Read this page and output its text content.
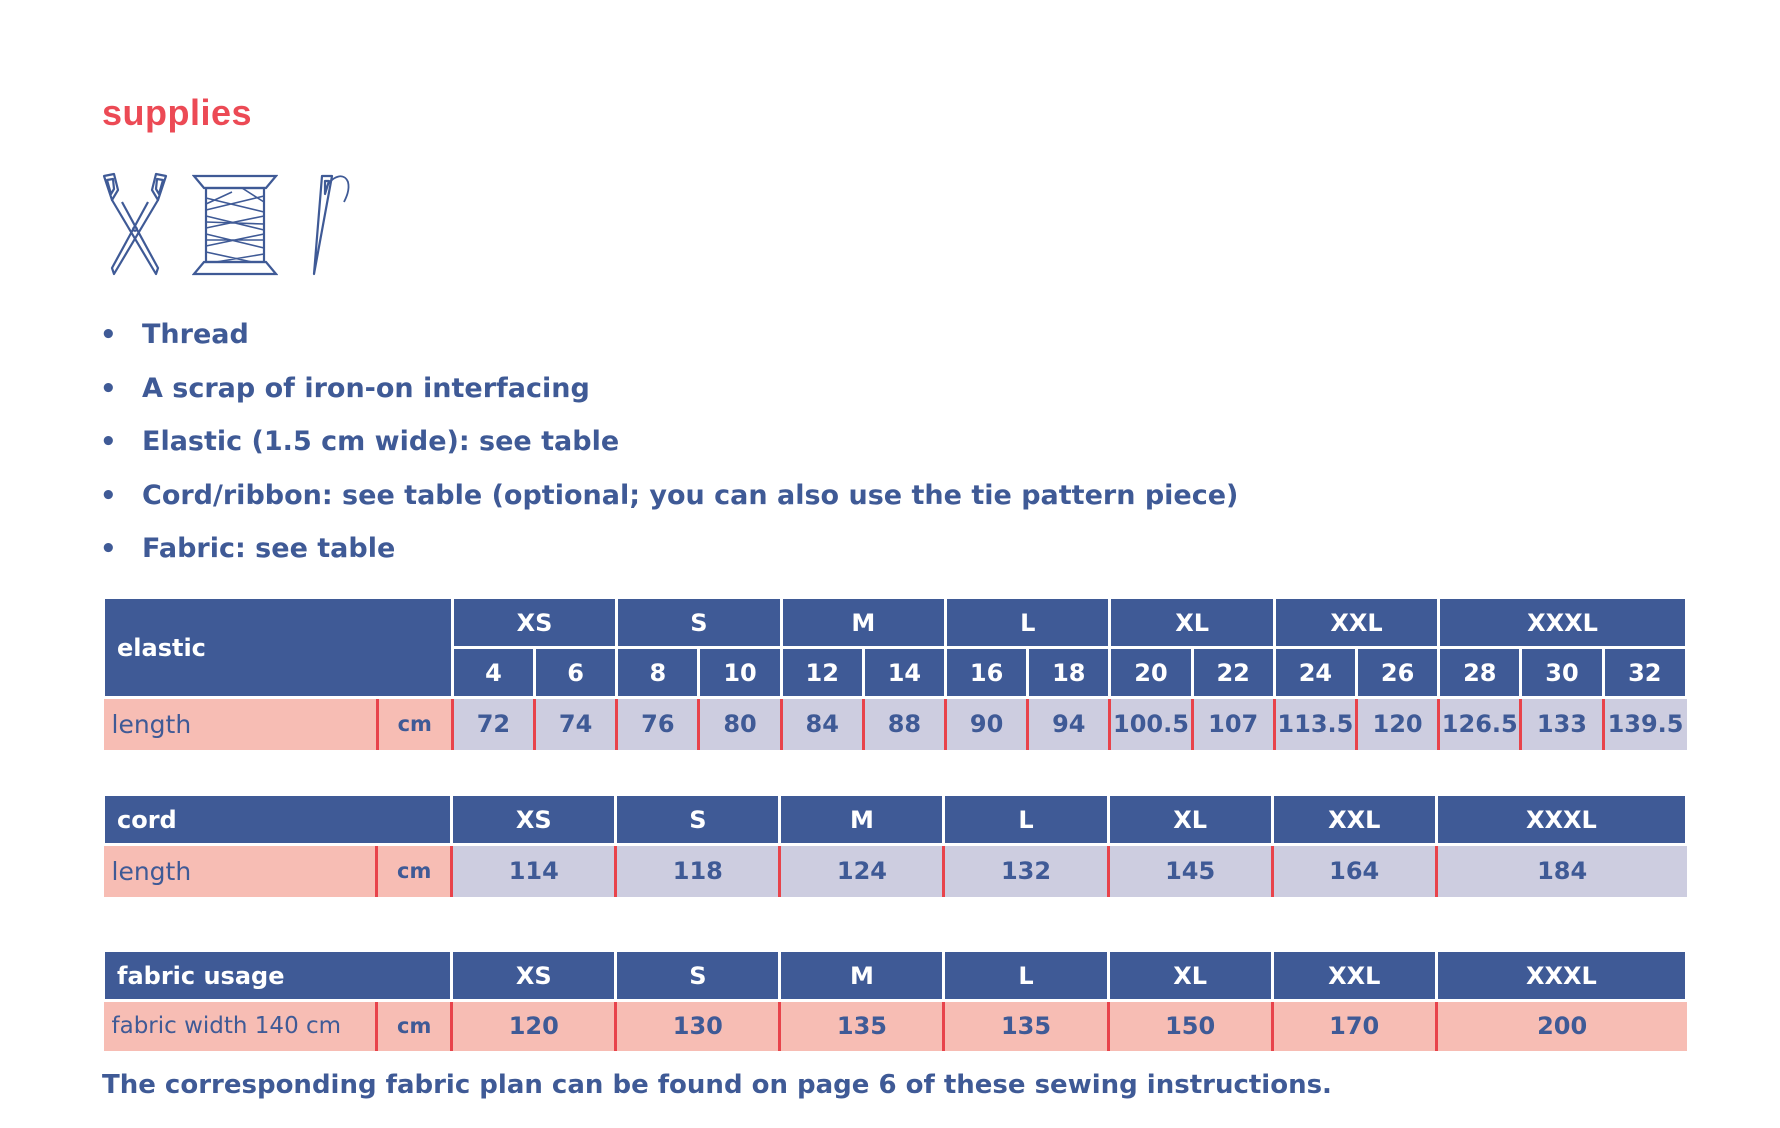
supplies
• Thread
• A scrap of iron-on interfacing
• Elastic (1.5 cm wide): see table
• Cord/ribbon: see table (optional; you can also use the tie pattern piece)
• Fabric: see table
elastic		XS		S		M		L		XL		XXL		XXXL		
		4	6	8	10	12	14	16	18	20	22	24	26	28	30	32
length	cm	72	74	76	80	84	88	90	94	100.5	107	113.5	120	126.5	133	139.5
cord		XS	S	M	L	XL	XXL	XXXL
length	cm	114	118	124	132	145	164	184
fabric usage		XS	S	M	L	XL	XXL	XXXL
fabric width 140 cm	cm	120	130	135	135	150	170	200
The corresponding fabric plan can be found on page 6 of these sewing instructions.
